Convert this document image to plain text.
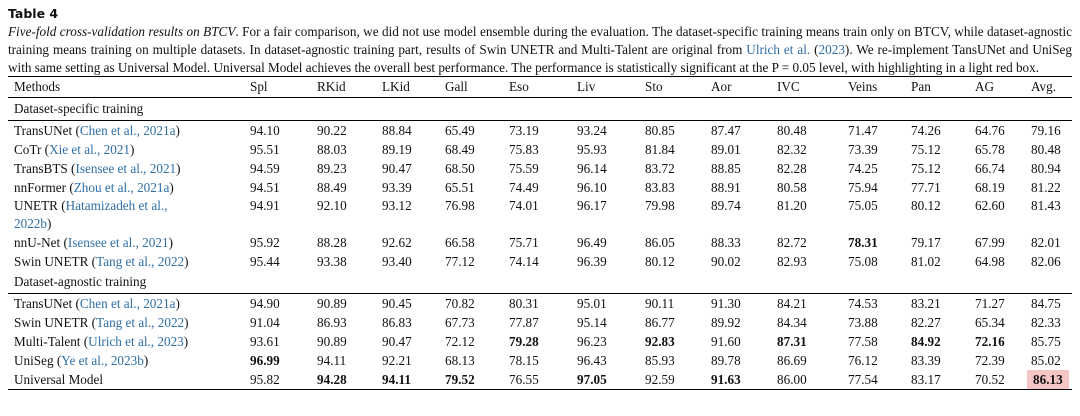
Table 4
Five-fold cross-validation results on BTCV. For a fair comparison, we did not use model ensemble during the evaluation. The dataset-specific training means train only on BTCV, while dataset-agnostic training means training on multiple datasets. In dataset-agnostic training part, results of Swin UNETR and Multi-Talent are original from Ulrich et al. (2023). We re-implement TansUNet and UniSeg with same setting as Universal Model. Universal Model achieves the overall best performance. The performance is statistically significant at the P = 0.05 level, with highlighting in a light red box.

Methods	Spl	RKid	LKid	Gall	Eso	Liv	Sto	Aor	IVC	Veins	Pan	AG	Avg.

Dataset-specific training													

TransUNet (Chen et al., 2021a)	94.10	90.22	88.84	65.49	73.19	93.24	80.85	87.47	80.48	71.47	74.26	64.76	79.16
CoTr (Xie et al., 2021)	95.51	88.03	89.19	68.49	75.83	95.93	81.84	89.01	82.32	73.39	75.12	65.78	80.48
TransBTS (Isensee et al., 2021)	94.59	89.23	90.47	68.50	75.59	96.14	83.72	88.85	82.28	74.25	75.12	66.74	80.94
nnFormer (Zhou et al., 2021a)	94.51	88.49	93.39	65.51	74.49	96.10	83.83	88.91	80.58	75.94	77.71	68.19	81.22
UNETR (Hatamizadeh et al.,
2022b)	94.91	92.10	93.12	76.98	74.01	96.17	79.98	89.74	81.20	75.05	80.12	62.60	81.43
nnU-Net (Isensee et al., 2021)	95.92	88.28	92.62	66.58	75.71	96.49	86.05	88.33	82.72	78.31	79.17	67.99	82.01
Swin UNETR (Tang et al., 2022)	95.44	93.38	93.40	77.12	74.14	96.39	80.12	90.02	82.93	75.08	81.02	64.98	82.06
Dataset-agnostic training													

TransUNet (Chen et al., 2021a)	94.90	90.89	90.45	70.82	80.31	95.01	90.11	91.30	84.21	74.53	83.21	71.27	84.75
Swin UNETR (Tang et al., 2022)	91.04	86.93	86.83	67.73	77.87	95.14	86.77	89.92	84.34	73.88	82.27	65.34	82.33
Multi-Talent (Ulrich et al., 2023)	93.61	90.89	90.47	72.12	79.28	96.23	92.83	91.60	87.31	77.58	84.92	72.16	85.75
UniSeg (Ye et al., 2023b)	96.99	94.11	92.21	68.13	78.15	96.43	85.93	89.78	86.69	76.12	83.39	72.39	85.02
Universal Model	95.82	94.28	94.11	79.52	76.55	97.05	92.59	91.63	86.00	77.54	83.17	70.52	86.13
